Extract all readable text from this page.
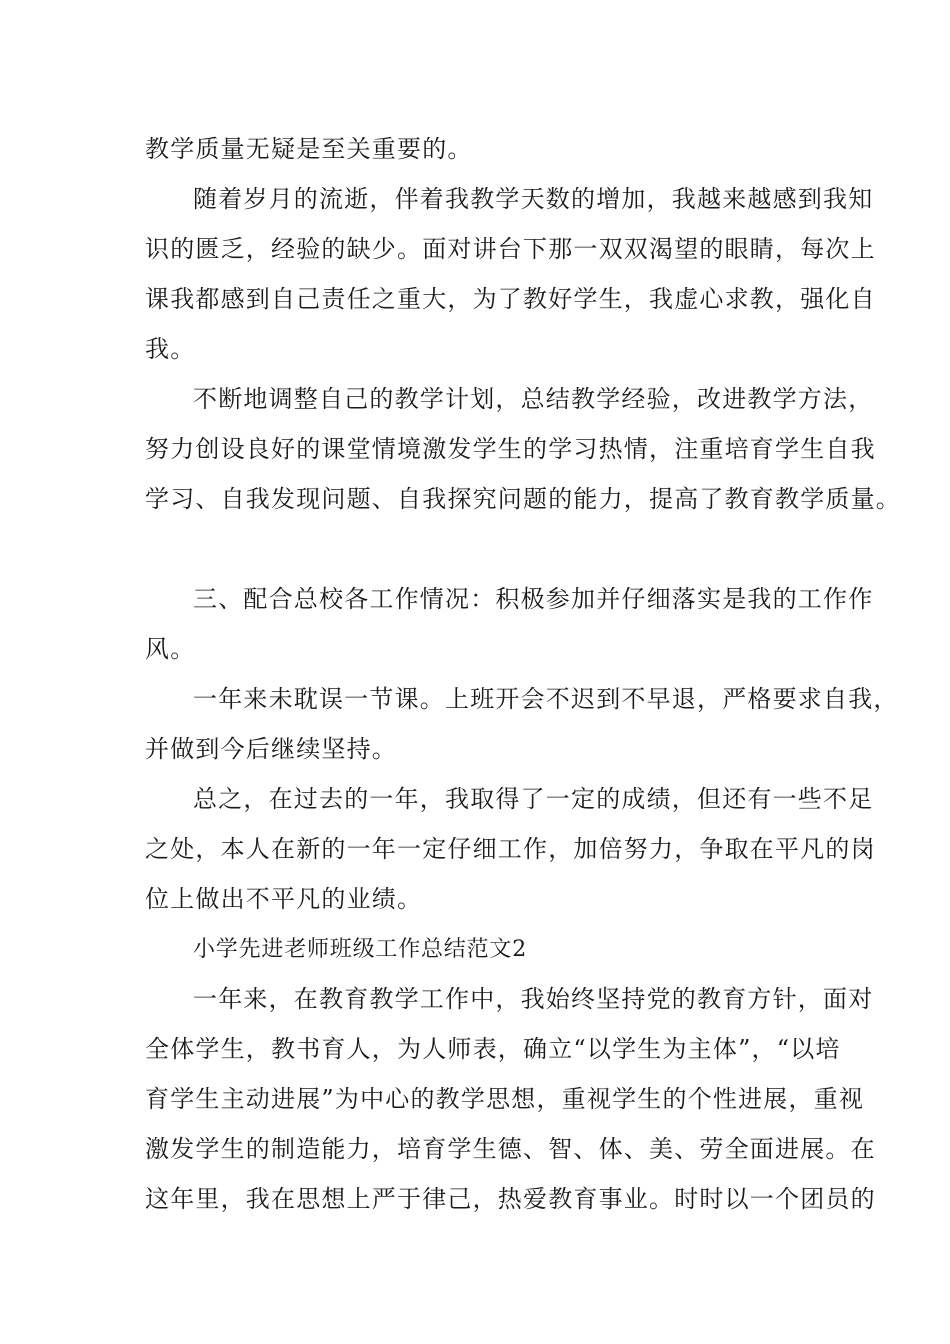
教学质量无疑是至关重要的。
随着岁月的流逝，伴着我教学天数的增加，我越来越感到我知
识的匮乏，经验的缺少。面对讲台下那一双双渴望的眼睛，每次上
课我都感到自己责任之重大，为了教好学生，我虚心求教，强化自
我。
不断地调整自己的教学计划，总结教学经验，改进教学方法，
努力创设良好的课堂情境激发学生的学习热情，注重培育学生自我
学习、自我发现问题、自我探究问题的能力，提高了教育教学质量。
三、配合总校各工作情况：积极参加并仔细落实是我的工作作
风。
一年来未耽误一节课。上班开会不迟到不早退，严格要求自我，
并做到今后继续坚持。
总之，在过去的一年，我取得了一定的成绩，但还有一些不足
之处，本人在新的一年一定仔细工作，加倍努力，争取在平凡的岗
位上做出不平凡的业绩。
小学先进老师班级工作总结范文2
一年来，在教育教学工作中，我始终坚持党的教育方针，面对
全体学生，教书育人，为人师表，确立“以学生为主体”，“以培
育学生主动进展”为中心的教学思想，重视学生的个性进展，重视
激发学生的制造能力，培育学生德、智、体、美、劳全面进展。在
这年里，我在思想上严于律己，热爱教育事业。时时以一个团员的
